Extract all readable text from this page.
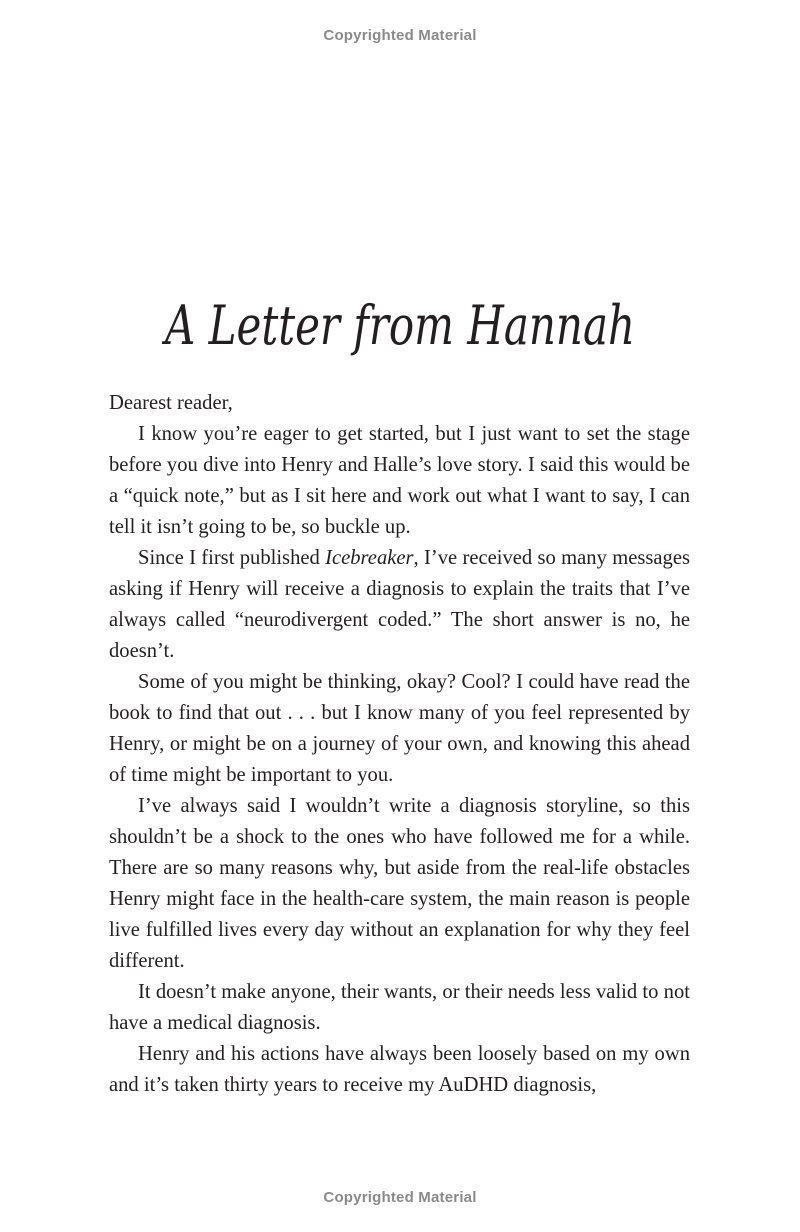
Copyrighted Material
A Letter from Hannah

Dearest reader,

I know you’re eager to get started, but I just want to set the stage before you dive into Henry and Halle’s love story. I said this would be a “quick note,” but as I sit here and work out what I want to say, I can tell it isn’t going to be, so buckle up.

Since I first published Icebreaker, I’ve received so many messages asking if Henry will receive a diagnosis to explain the traits that I’ve always called “neurodivergent coded.” The short answer is no, he doesn’t.

Some of you might be thinking, okay? Cool? I could have read the book to find that out . . . but I know many of you feel represented by Henry, or might be on a journey of your own, and knowing this ahead of time might be important to you.

I’ve always said I wouldn’t write a diagnosis storyline, so this shouldn’t be a shock to the ones who have followed me for a while. There are so many reasons why, but aside from the real-life obstacles Henry might face in the health-care system, the main reason is people live fulfilled lives every day without an explanation for why they feel different.

It doesn’t make anyone, their wants, or their needs less valid to not have a medical diagnosis.

Henry and his actions have always been loosely based on my own and it’s taken thirty years to receive my AuDHD diagnosis,

Copyrighted Material
